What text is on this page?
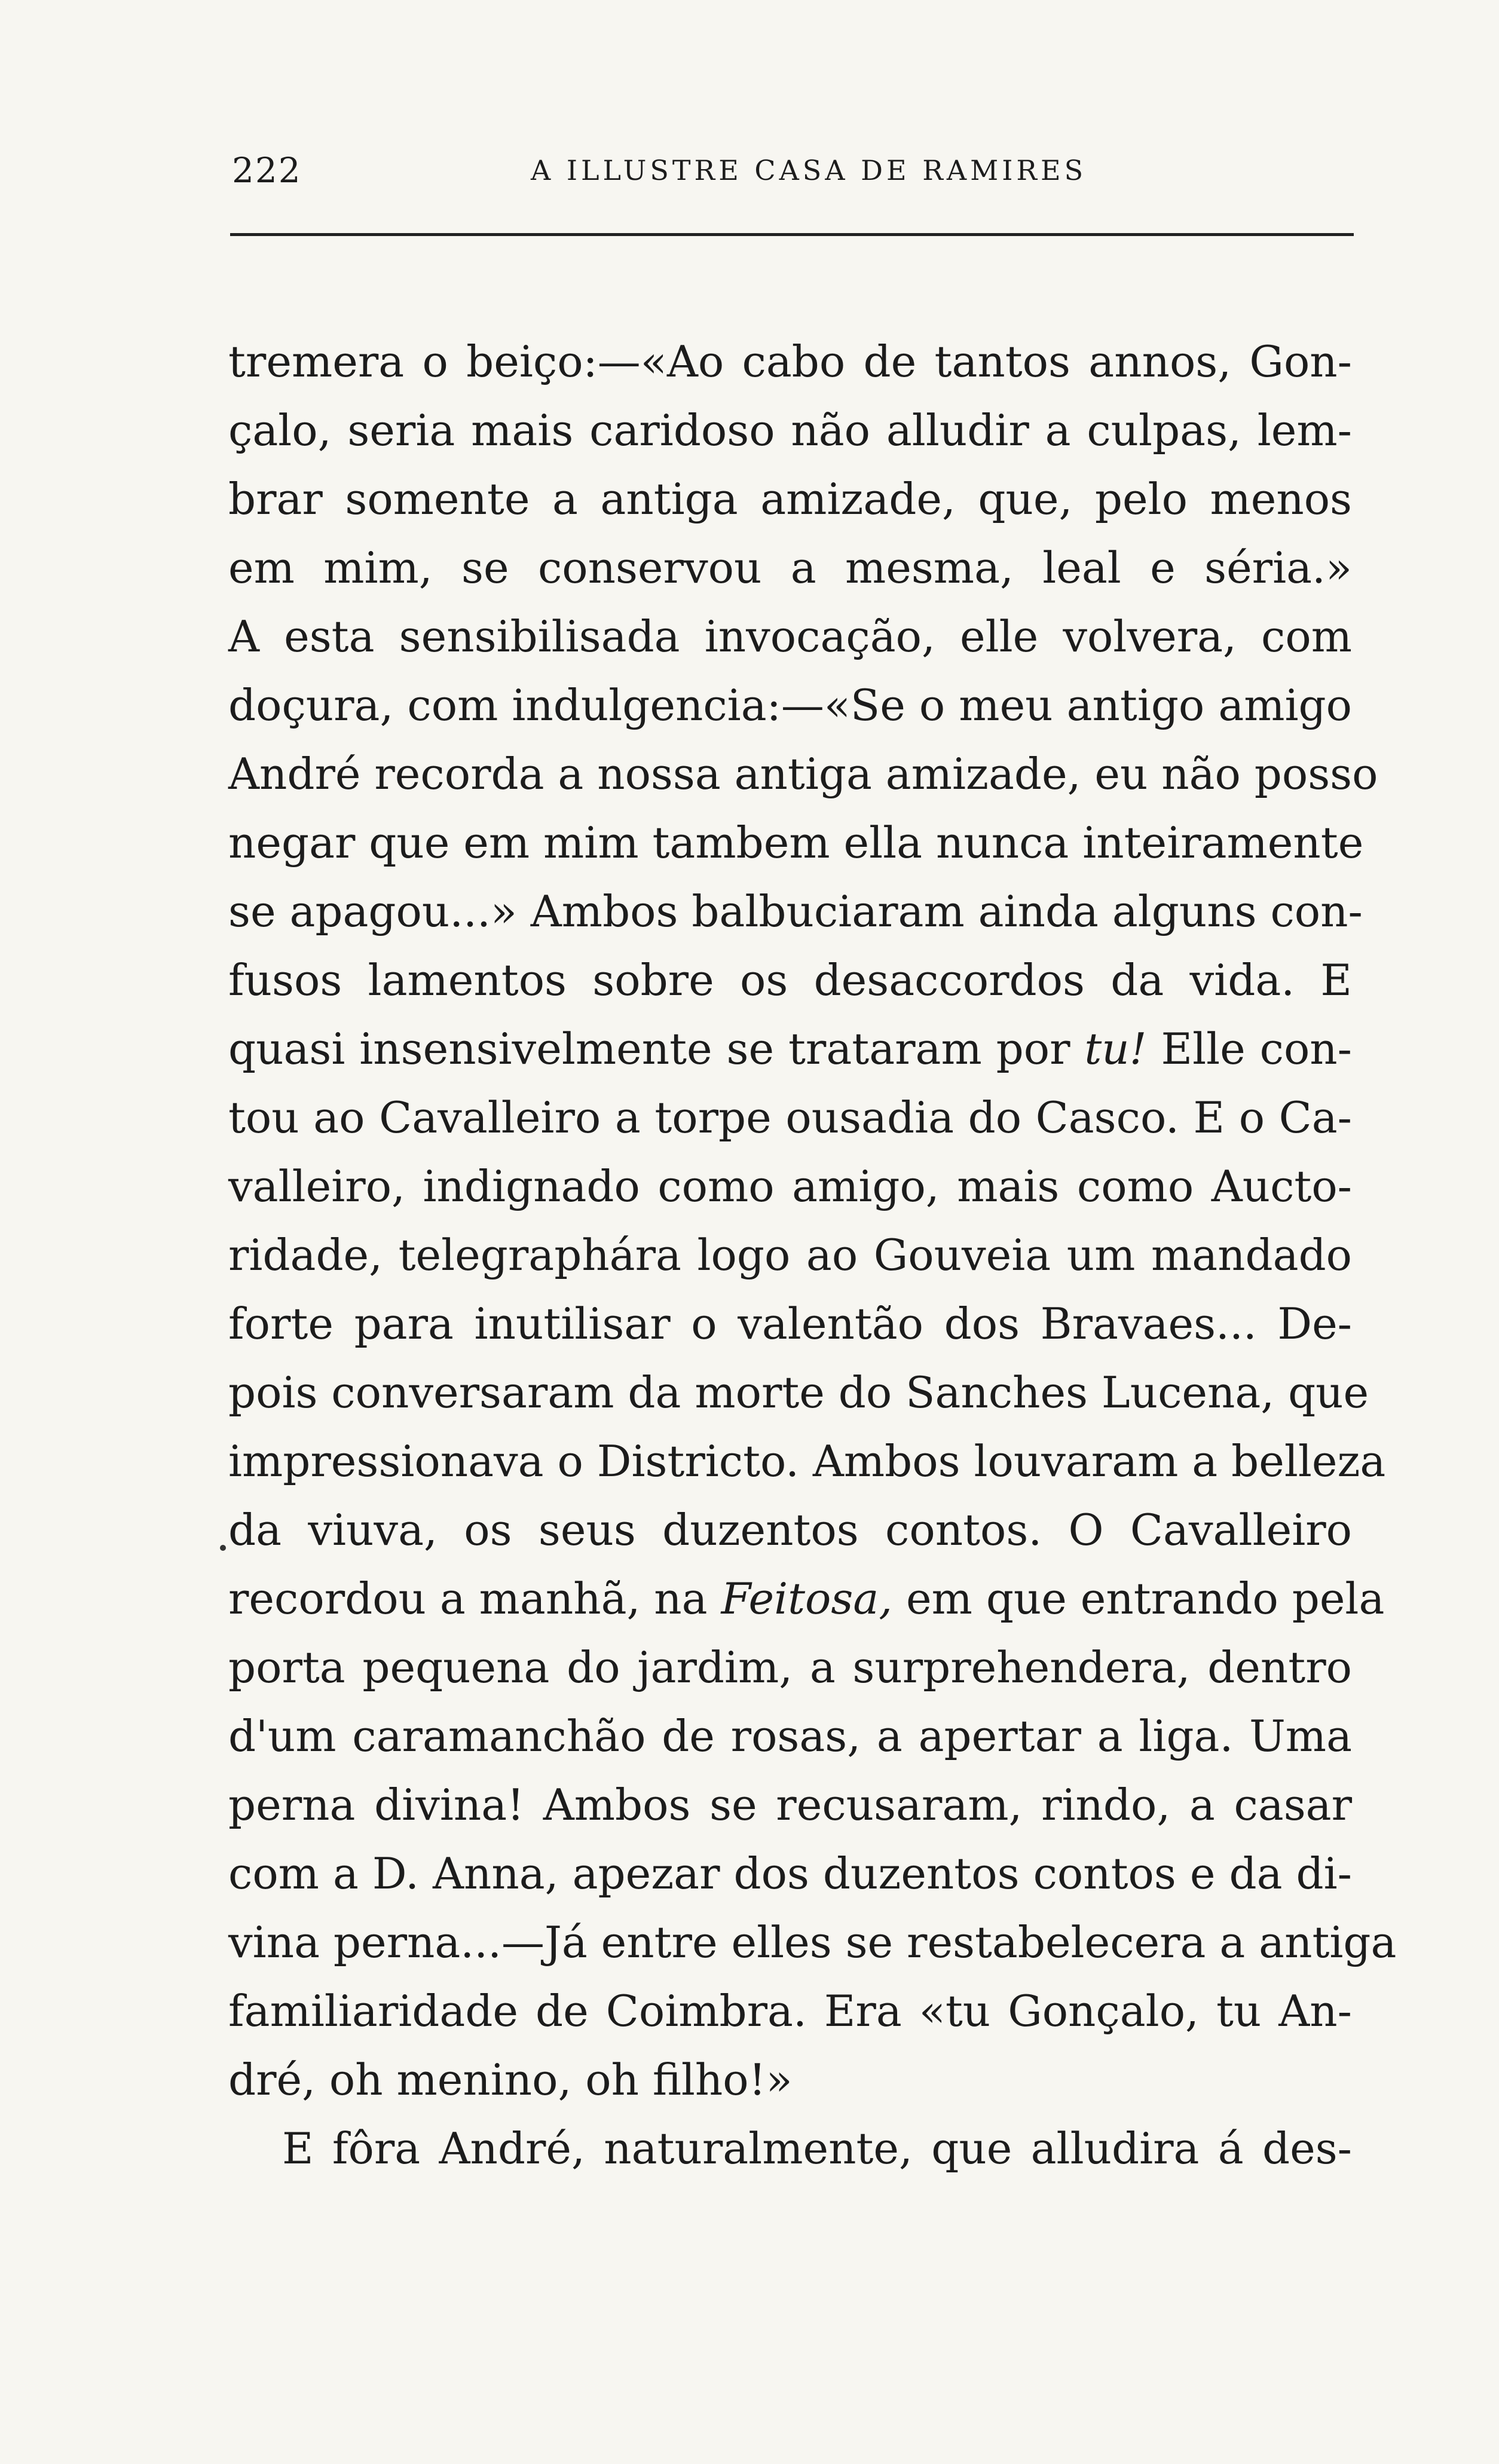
222	A ILLUSTRE CASA DE RAMIRES
tremera o beiço:—«Ao cabo de tantos annos, Gon-
çalo, seria mais caridoso não alludir a culpas, lem-
brar somente a antiga amizade, que, pelo menos
em mim, se conservou a mesma, leal e séria.»
A esta sensibilisada invocação, elle volvera, com
doçura, com indulgencia:—«Se o meu antigo amigo
André recorda a nossa antiga amizade, eu não posso
negar que em mim tambem ella nunca inteiramente
se apagou...» Ambos balbuciaram ainda alguns con-
fusos lamentos sobre os desaccordos da vida. E
quasi insensivelmente se trataram por tu! Elle con-
tou ao Cavalleiro a torpe ousadia do Casco. E o Ca-
valleiro, indignado como amigo, mais como Aucto-
ridade, telegraphára logo ao Gouveia um mandado
forte para inutilisar o valentão dos Bravaes... De-
pois conversaram da morte do Sanches Lucena, que
impressionava o Districto. Ambos louvaram a belleza
da viuva, os seus duzentos contos. O Cavalleiro
recordou a manhã, na Feitosa, em que entrando pela
porta pequena do jardim, a surprehendera, dentro
d'um caramanchão de rosas, a apertar a liga. Uma
perna divina! Ambos se recusaram, rindo, a casar
com a D. Anna, apezar dos duzentos contos e da di-
vina perna...—Já entre elles se restabelecera a antiga
familiaridade de Coimbra. Era «tu Gonçalo, tu An-
dré, oh menino, oh filho!»
E fôra André, naturalmente, que alludira á des-
